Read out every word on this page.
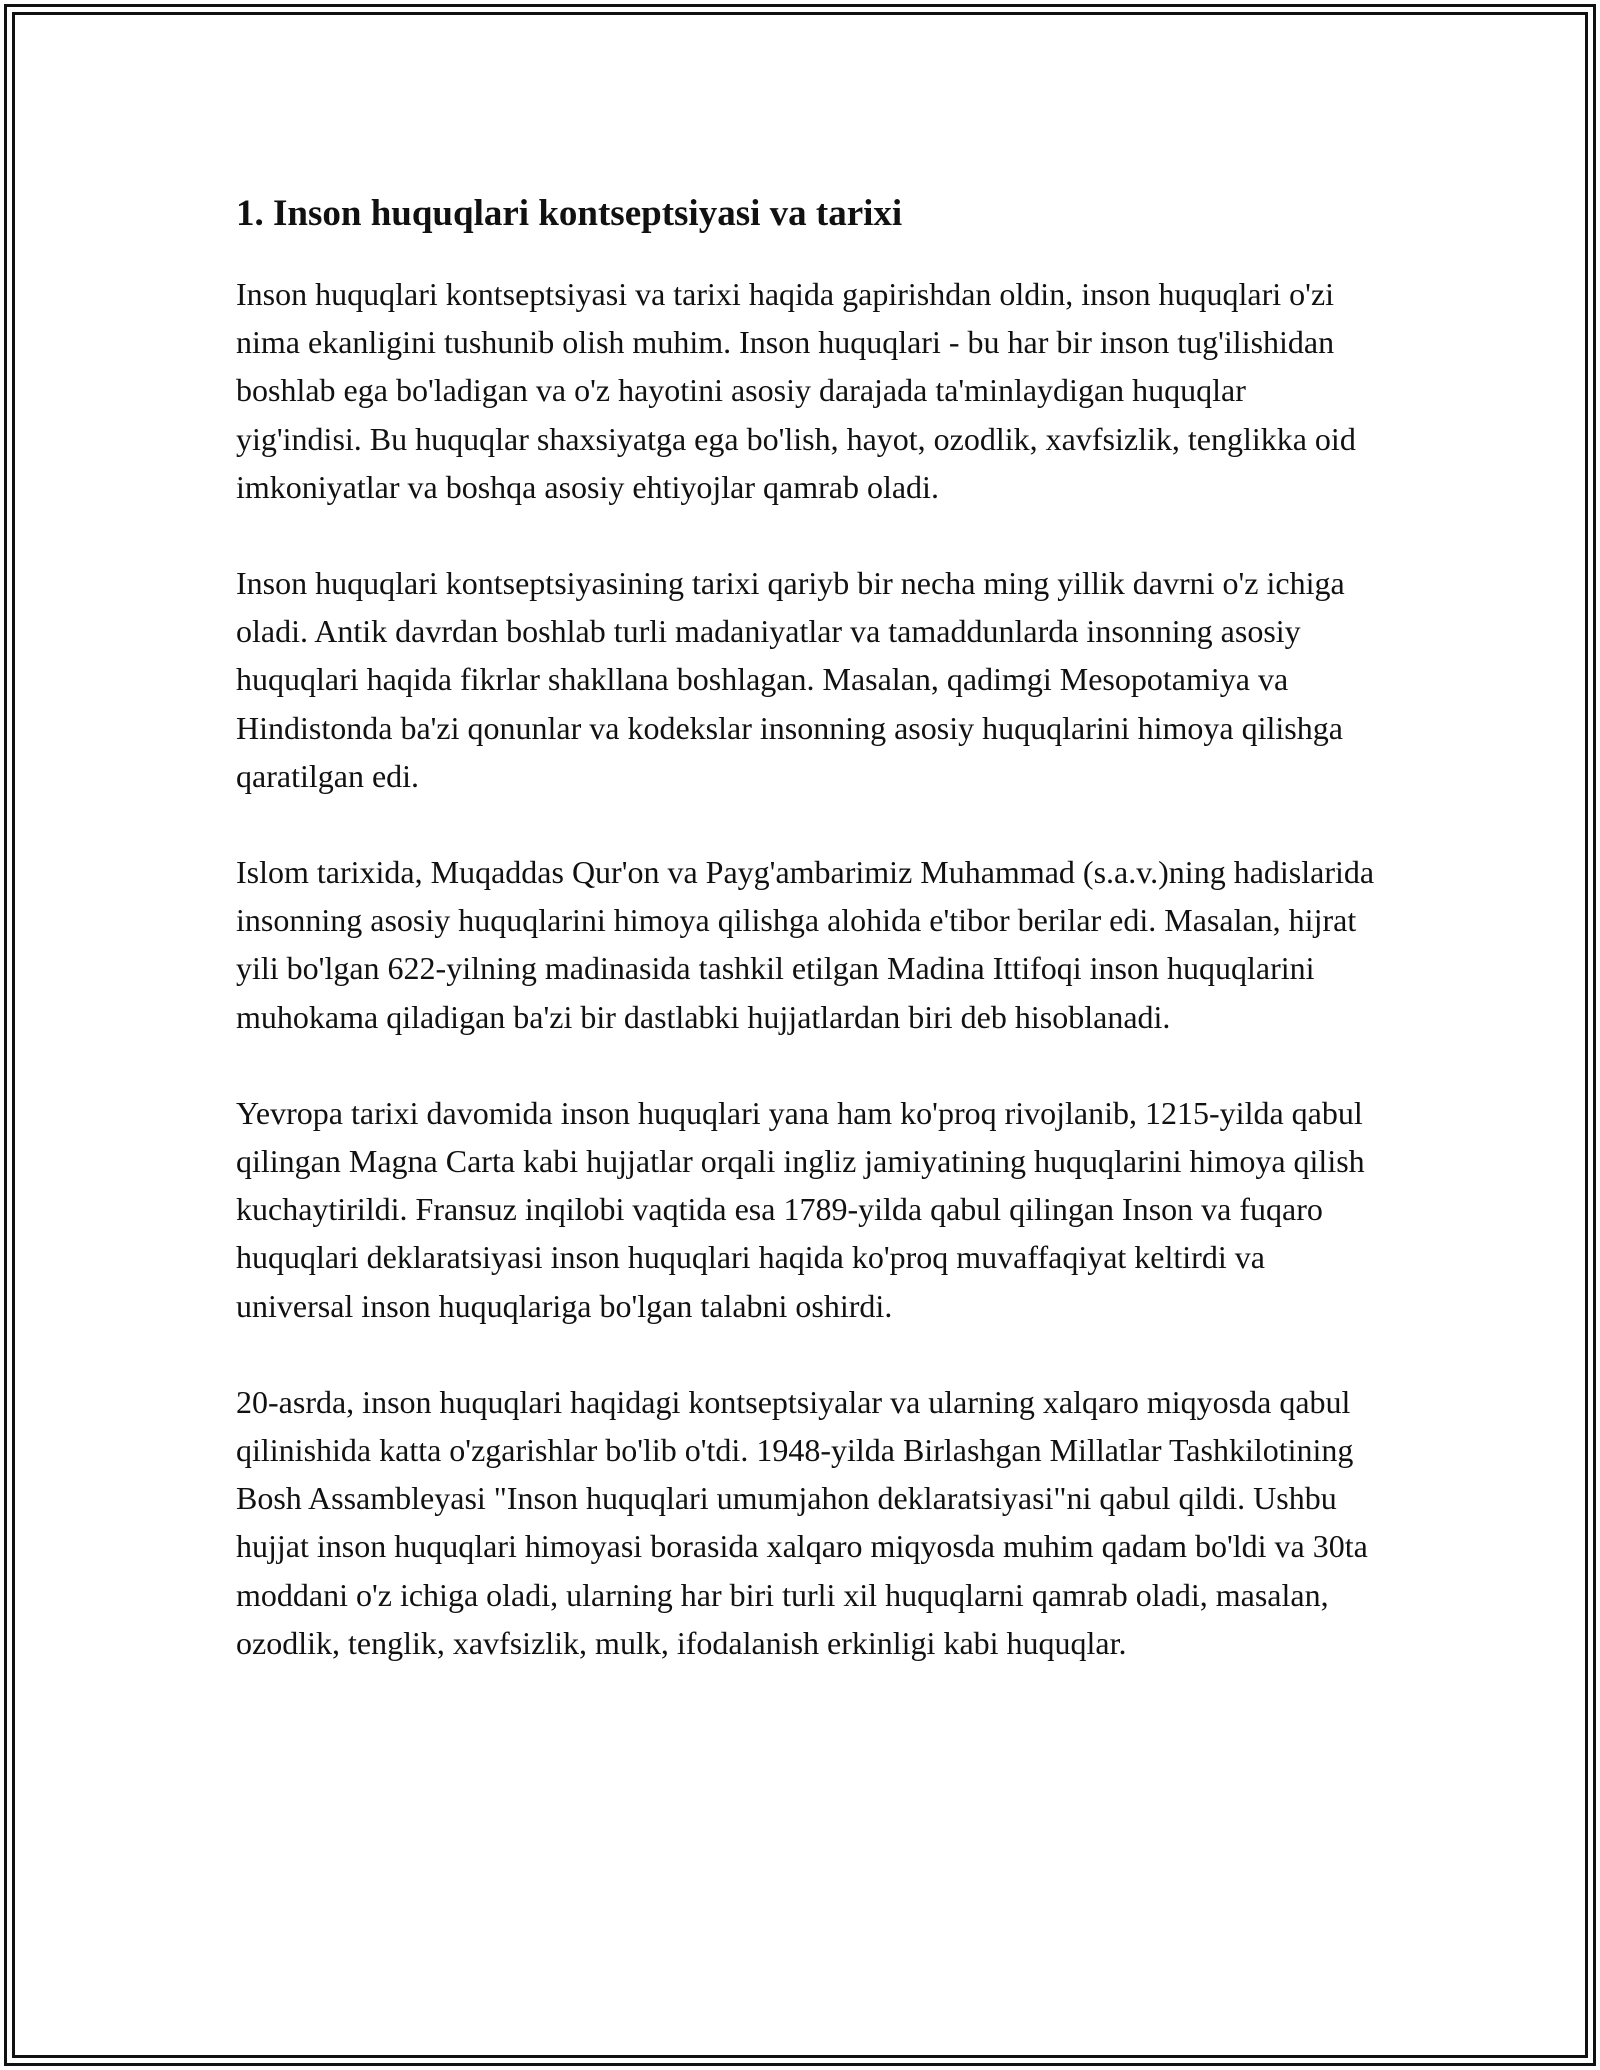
1. Inson huquqlari kontseptsiyasi va tarixi

Inson huquqlari kontseptsiyasi va tarixi haqida gapirishdan oldin, inson huquqlari o'zi nima ekanligini tushunib olish muhim. Inson huquqlari - bu har bir inson tug'ilishidan boshlab ega bo'ladigan va o'z hayotini asosiy darajada ta'minlaydigan huquqlar yig'indisi. Bu huquqlar shaxsiyatga ega bo'lish, hayot, ozodlik, xavfsizlik, tenglikka oid imkoniyatlar va boshqa asosiy ehtiyojlar qamrab oladi.

Inson huquqlari kontseptsiyasining tarixi qariyb bir necha ming yillik davrni o'z ichiga oladi. Antik davrdan boshlab turli madaniyatlar va tamaddunlarda insonning asosiy huquqlari haqida fikrlar shakllana boshlagan. Masalan, qadimgi Mesopotamiya va Hindistonda ba'zi qonunlar va kodekslar insonning asosiy huquqlarini himoya qilishga qaratilgan edi.

Islom tarixida, Muqaddas Qur'on va Payg'ambarimiz Muhammad (s.a.v.)ning hadislarida insonning asosiy huquqlarini himoya qilishga alohida e'tibor berilar edi. Masalan, hijrat yili bo'lgan 622-yilning madinasida tashkil etilgan Madina Ittifoqi inson huquqlarini muhokama qiladigan ba'zi bir dastlabki hujjatlardan biri deb hisoblanadi.

Yevropa tarixi davomida inson huquqlari yana ham ko'proq rivojlanib, 1215-yilda qabul qilingan Magna Carta kabi hujjatlar orqali ingliz jamiyatining huquqlarini himoya qilish kuchaytirildi. Fransuz inqilobi vaqtida esa 1789-yilda qabul qilingan Inson va fuqaro huquqlari deklaratsiyasi inson huquqlari haqida ko'proq muvaffaqiyat keltirdi va universal inson huquqlariga bo'lgan talabni oshirdi.

20-asrda, inson huquqlari haqidagi kontseptsiyalar va ularning xalqaro miqyosda qabul qilinishida katta o'zgarishlar bo'lib o'tdi. 1948-yilda Birlashgan Millatlar Tashkilotining Bosh Assambleyasi "Inson huquqlari umumjahon deklaratsiyasi"ni qabul qildi. Ushbu hujjat inson huquqlari himoyasi borasida xalqaro miqyosda muhim qadam bo'ldi va 30ta moddani o'z ichiga oladi, ularning har biri turli xil huquqlarni qamrab oladi, masalan, ozodlik, tenglik, xavfsizlik, mulk, ifodalanish erkinligi kabi huquqlar.
